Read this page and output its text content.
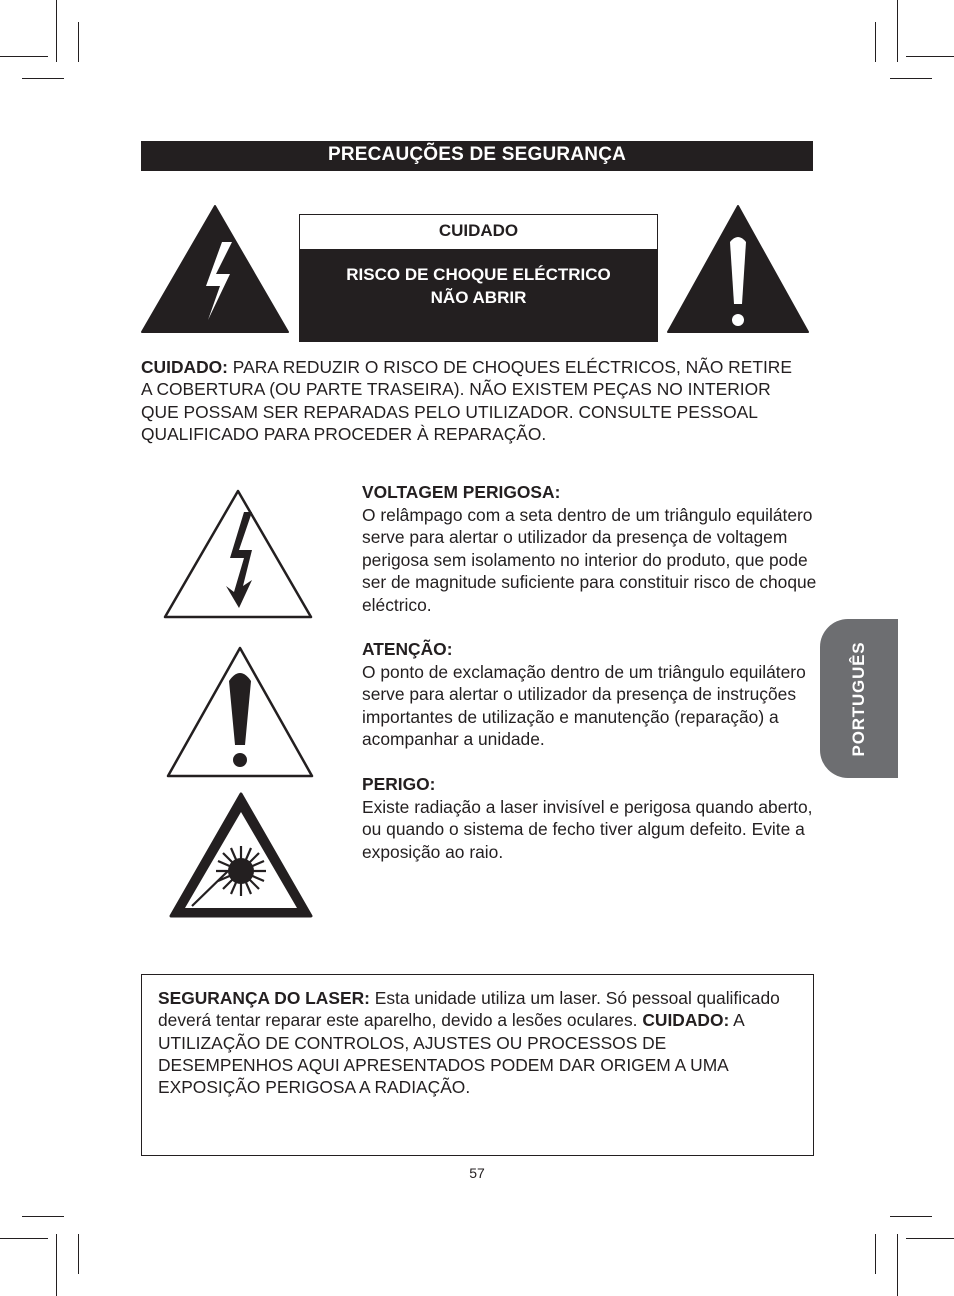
PRECAUÇÕES DE SEGURANÇA
CUIDADO
RISCO DE CHOQUE ELÉCTRICO
NÃO ABRIR

CUIDADO: PARA REDUZIR O RISCO DE CHOQUES ELÉCTRICOS, NÃO RETIRE A COBERTURA (OU PARTE TRASEIRA). NÃO EXISTEM PEÇAS NO INTERIOR QUE POSSAM SER REPARADAS PELO UTILIZADOR. CONSULTE PESSOAL QUALIFICADO PARA PROCEDER À REPARAÇÃO.

VOLTAGEM PERIGOSA:
O relâmpago com a seta dentro de um triângulo equilátero serve para alertar o utilizador da presença de voltagem perigosa sem isolamento no interior do produto, que pode ser de magnitude suficiente para constituir risco de choque eléctrico.
ATENÇÃO:
O ponto de exclamação dentro de um triângulo equilátero serve para alertar o utilizador da presença de instruções importantes de utilização e manutenção (reparação) a acompanhar a unidade.
PERIGO:
Existe radiação a laser invisível e perigosa quando aberto, ou quando o sistema de fecho tiver algum defeito. Evite a exposição ao raio.
SEGURANÇA DO LASER: Esta unidade utiliza um laser. Só pessoal qualificado deverá tentar reparar este aparelho, devido a lesões oculares. CUIDADO: A UTILIZAÇÃO DE CONTROLOS, AJUSTES OU PROCESSOS DE DESEMPENHOS AQUI APRESENTADOS PODEM DAR ORIGEM A UMA EXPOSIÇÃO PERIGOSA A RADIAÇÃO.
PORTUGUÊS
57
